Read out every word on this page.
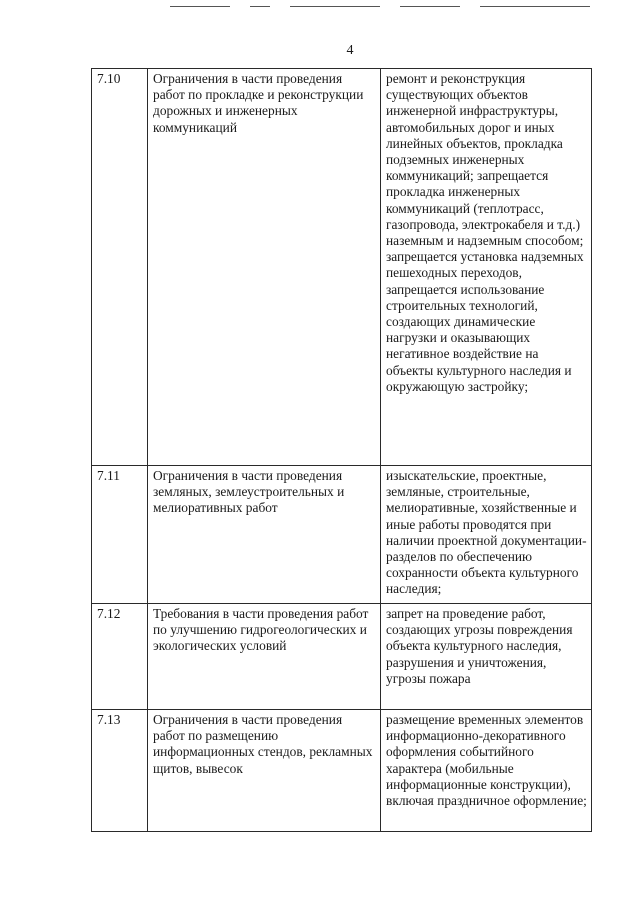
4
7.10	Ограничения в части проведения работ по прокладке и реконструкции дорожных и инженерных коммуникаций	ремонт и реконструкция существующих объектов инженерной инфраструктуры, автомобильных дорог и иных линейных объектов, прокладка подземных инженерных коммуникаций; запрещается прокладка инженерных коммуникаций (теплотрасс, газопровода, электрокабеля и т.д.) наземным и надземным способом; запрещается установка надземных пешеходных переходов, запрещается использование строительных технологий, создающих динамические нагрузки и оказывающих негативное воздействие на объекты культурного наследия и окружающую застройку;

7.11	Ограничения в части проведения земляных, землеустроительных и мелиоративных работ	изыскательские, проектные, земляные, строительные, мелиоративные, хозяйственные и иные работы проводятся при наличии проектной документации- разделов по обеспечению сохранности объекта культурного наследия;

7.12	Требования в части проведения работ по улучшению гидрогеологических и экологических условий	запрет на проведение работ, создающих угрозы повреждения объекта культурного наследия, разрушения и уничтожения, угрозы пожара

7.13	Ограничения в части проведения работ по размещению информационных стендов, рекламных щитов, вывесок	размещение временных элементов информационно-декоративного оформления событийного характера (мобильные информационные конструкции), включая праздничное оформление;
